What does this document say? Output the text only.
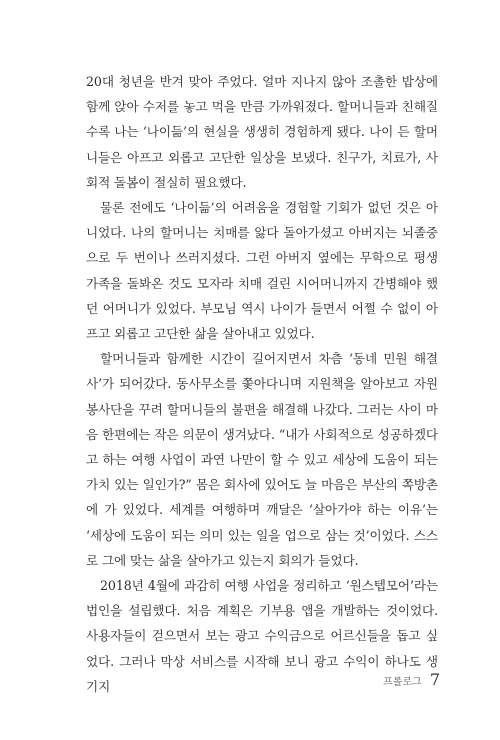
20대 청년을 반겨 맞아 주었다. 얼마 지나지 않아 조촐한 밥상에 함께 앉아 수저를 놓고 먹을 만큼 가까워졌다. 할머니들과 친해질수록 나는 ‘나이듦’의 현실을 생생히 경험하게 됐다. 나이 든 할머니들은 아프고 외롭고 고단한 일상을 보냈다. 친구가, 치료가, 사회적 돌봄이 절실히 필요했다.

물론 전에도 ‘나이듦’의 어려움을 경험할 기회가 없던 것은 아니었다. 나의 할머니는 치매를 앓다 돌아가셨고 아버지는 뇌졸중으로 두 번이나 쓰러지셨다. 그런 아버지 옆에는 무학으로 평생 가족을 돌봐온 것도 모자라 치매 걸린 시어머니까지 간병해야 했던 어머니가 있었다. 부모님 역시 나이가 들면서 어쩔 수 없이 아프고 외롭고 고단한 삶을 살아내고 있었다.

할머니들과 함께한 시간이 길어지면서 차츰 ‘동네 민원 해결사’가 되어갔다. 동사무소를 쫓아다니며 지원책을 알아보고 자원봉사단을 꾸려 할머니들의 불편을 해결해 나갔다. 그러는 사이 마음 한편에는 작은 의문이 생겨났다. “내가 사회적으로 성공하겠다고 하는 여행 사업이 과연 나만이 할 수 있고 세상에 도움이 되는 가치 있는 일인가?” 몸은 회사에 있어도 늘 마음은 부산의 쪽방촌에 가 있었다. 세계를 여행하며 깨달은 ‘살아가야 하는 이유’는 ‘세상에 도움이 되는 의미 있는 일을 업으로 삼는 것’이었다. 스스로 그에 맞는 삶을 살아가고 있는지 회의가 들었다.

2018년 4월에 과감히 여행 사업을 정리하고 ‘원스텝모어’라는 법인을 설립했다. 처음 계획은 기부용 앱을 개발하는 것이었다. 사용자들이 걷으면서 보는 광고 수익금으로 어르신들을 돕고 싶었다. 그러나 막상 서비스를 시작해 보니 광고 수익이 하나도 생기지	프롤로그 7
